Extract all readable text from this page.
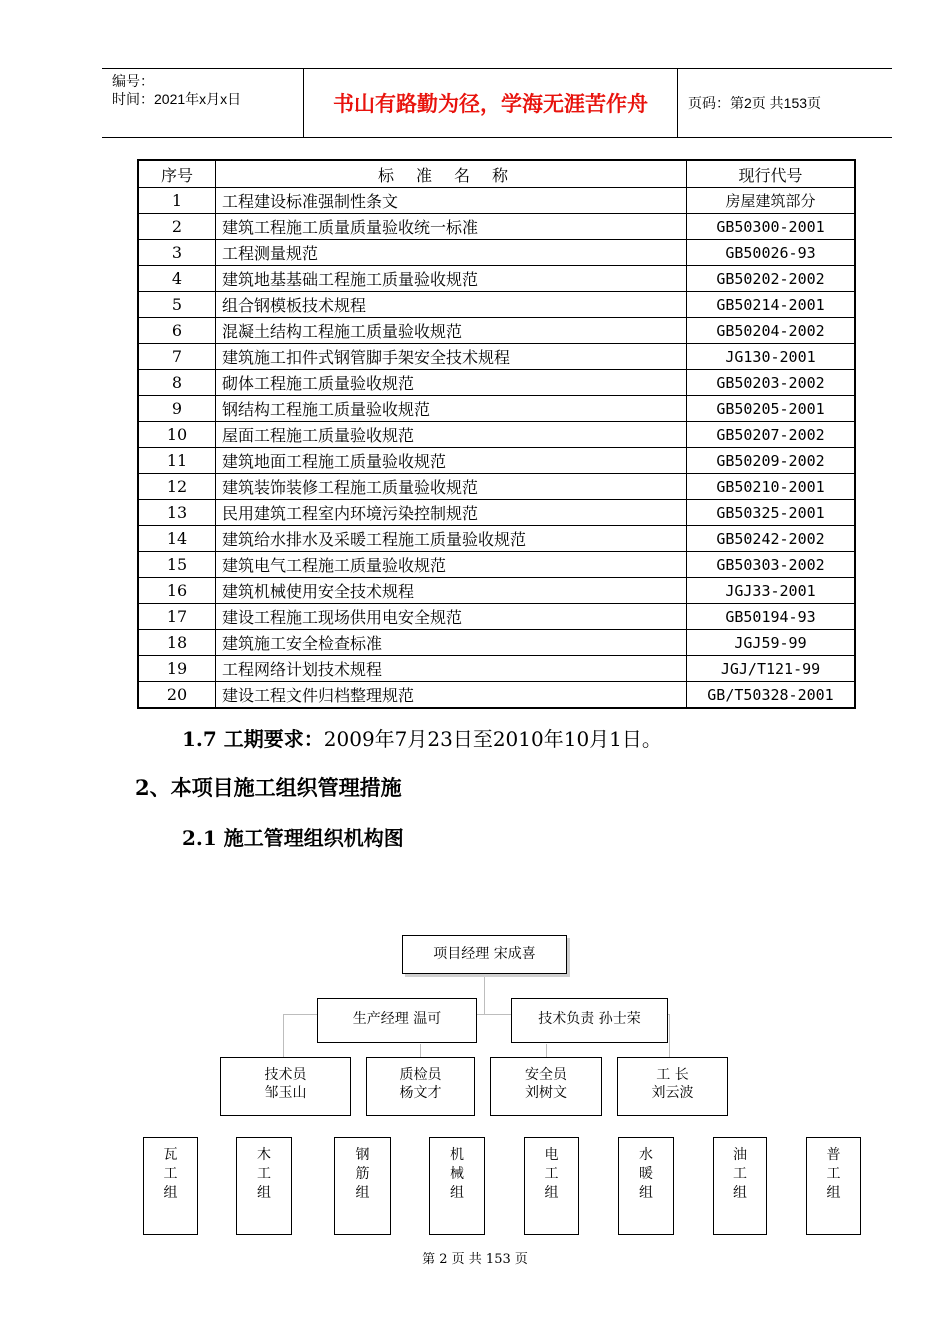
编号：
时间：2021年x月x日	书山有路勤为径，学海无涯苦作舟	页码：第2页 共153页
序号	标准名称	现行代号
1	工程建设标准强制性条文	房屋建筑部分
2	建筑工程施工质量质量验收统一标准	GB50300-2001
3	工程测量规范	GB50026-93
4	建筑地基基础工程施工质量验收规范	GB50202-2002
5	组合钢模板技术规程	GB50214-2001
6	混凝土结构工程施工质量验收规范	GB50204-2002
7	建筑施工扣件式钢管脚手架安全技术规程	JG130-2001
8	砌体工程施工质量验收规范	GB50203-2002
9	钢结构工程施工质量验收规范	GB50205-2001
10	屋面工程施工质量验收规范	GB50207-2002
11	建筑地面工程施工质量验收规范	GB50209-2002
12	建筑装饰装修工程施工质量验收规范	GB50210-2001
13	民用建筑工程室内环境污染控制规范	GB50325-2001
14	建筑给水排水及采暖工程施工质量验收规范	GB50242-2002
15	建筑电气工程施工质量验收规范	GB50303-2002
16	建筑机械使用安全技术规程	JGJ33-2001
17	建设工程施工现场供用电安全规范	GB50194-93
18	建筑施工安全检查标准	JGJ59-99
19	工程网络计划技术规程	JGJ/T121-99
20	建设工程文件归档整理规范	GB/T50328-2001
1.7 工期要求：2009年7月23日至2010年10月1日。
2、本项目施工组织管理措施
2.1 施工管理组织机构图
项目经理 宋成喜
生产经理 温可	技术负责 孙士荣
技术员
邹玉山
质检员
杨文才
安全员
刘树文
工 长
刘云波
瓦
工
组
木
工
组
钢
筋
组
机
械
组
电
工
组
水
暖
组
油
工
组
普
工
组
第 2 页 共 153 页
